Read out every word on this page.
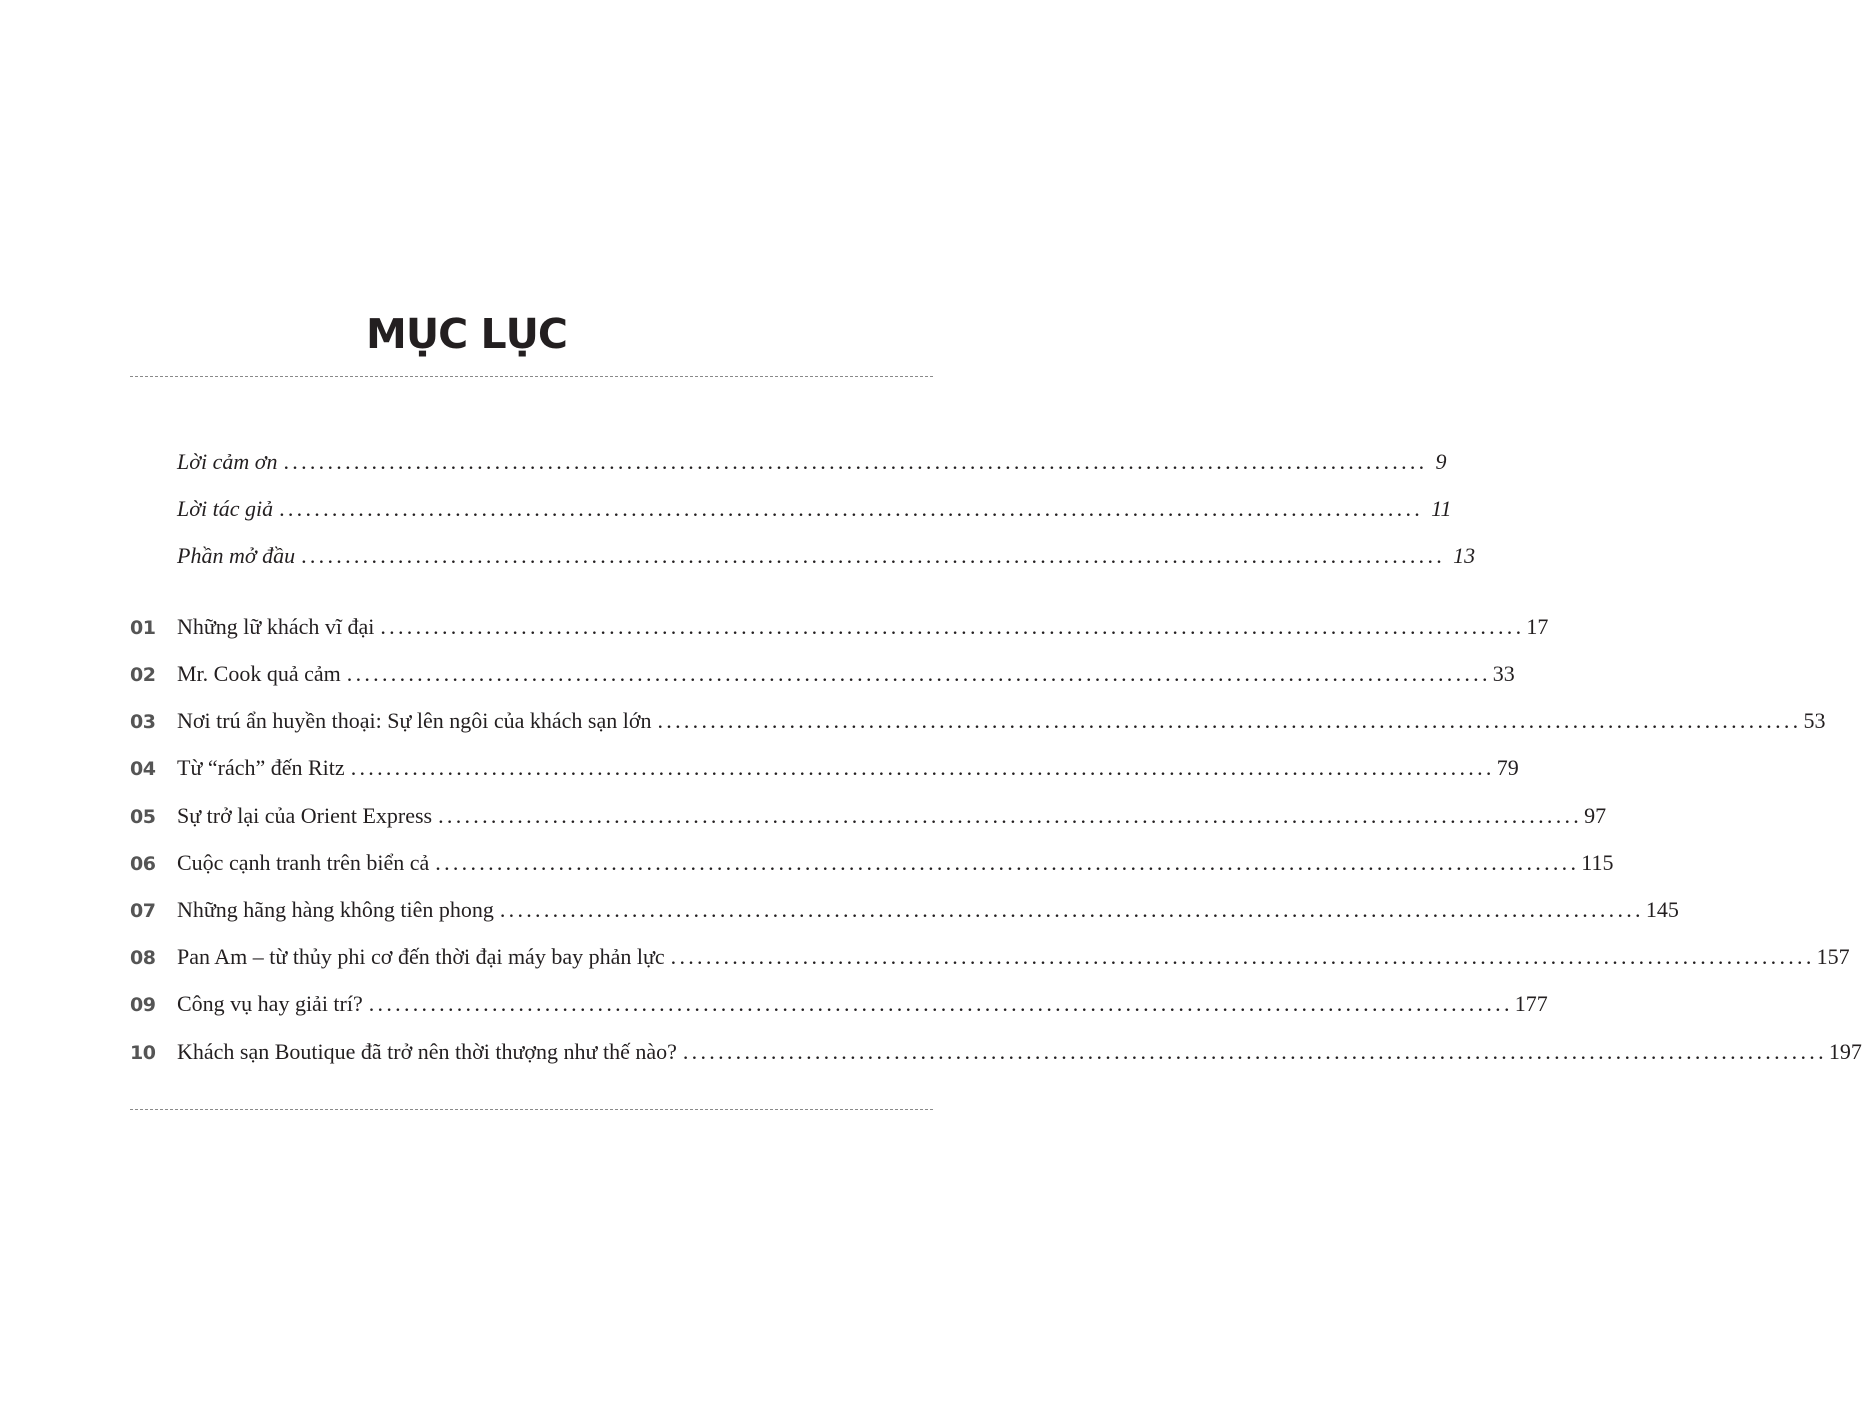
MỤC LỤC
Lời cảm ơn .................................................................................................................................. 9
Lời tác giả .................................................................................................................................. 11
Phần mở đầu .................................................................................................................................. 13
01 Những lữ khách vĩ đại .................................................................................................................................. 17
02 Mr. Cook quả cảm .................................................................................................................................. 33
03 Nơi trú ẩn huyền thoại: Sự lên ngôi của khách sạn lớn .................................................................................................................................. 53
04 Từ “rách” đến Ritz .................................................................................................................................. 79
05 Sự trở lại của Orient Express .................................................................................................................................. 97
06 Cuộc cạnh tranh trên biển cả .................................................................................................................................. 115
07 Những hãng hàng không tiên phong .................................................................................................................................. 145
08 Pan Am – từ thủy phi cơ đến thời đại máy bay phản lực .................................................................................................................................. 157
09 Công vụ hay giải trí? .................................................................................................................................. 177
10 Khách sạn Boutique đã trở nên thời thượng như thế nào? .................................................................................................................................. 197
